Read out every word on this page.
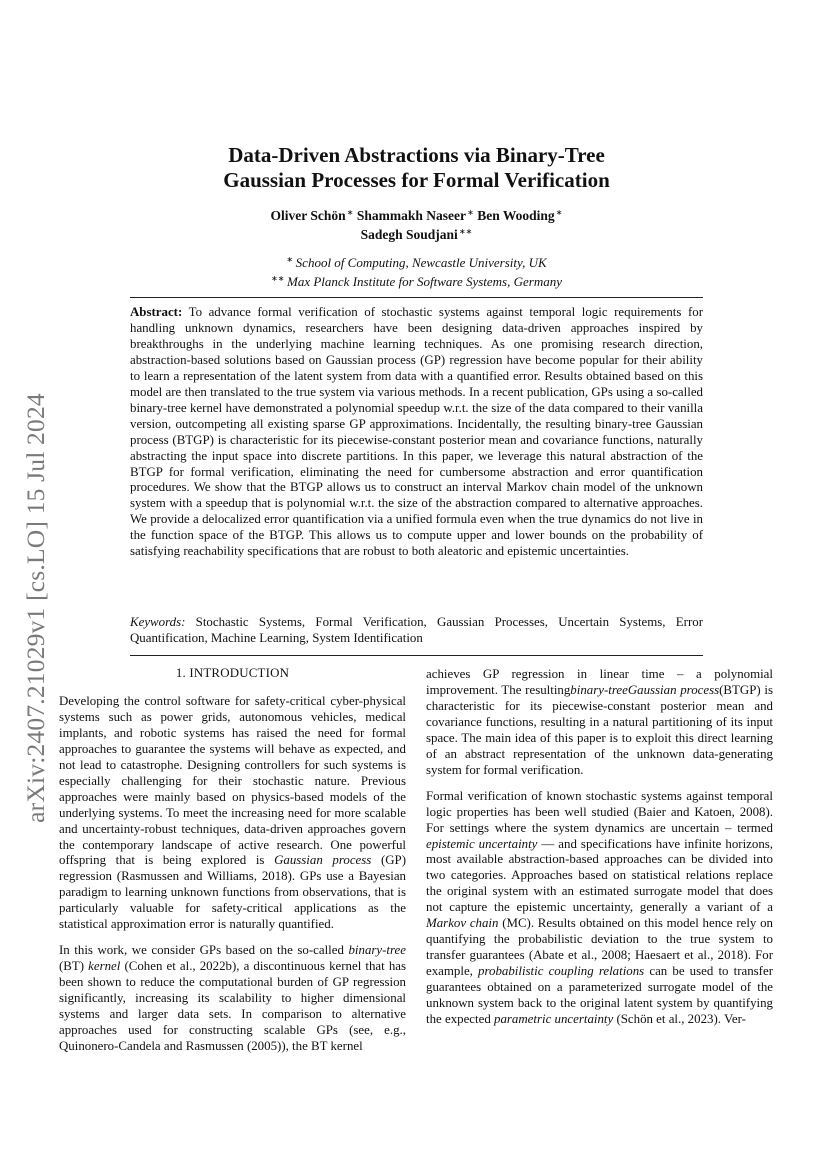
arXiv:2407.21029v1 [cs.LO] 15 Jul 2024
Data-Driven Abstractions via Binary-Tree
Gaussian Processes for Formal Verification
Oliver Schön ∗ Shammakh Naseer ∗ Ben Wooding ∗
Sadegh Soudjani ∗∗
∗  School of Computing, Newcastle University, UK
∗∗  Max Planck Institute for Software Systems, Germany
Abstract: To advance formal verification of stochastic systems against temporal logic requirements for handling unknown dynamics, researchers have been designing data-driven approaches inspired by breakthroughs in the underlying machine learning techniques. As one promising research direction, abstraction-based solutions based on Gaussian process (GP) regression have become popular for their ability to learn a representation of the latent system from data with a quantified error. Results obtained based on this model are then translated to the true system via various methods. In a recent publication, GPs using a so-called binary-tree kernel have demonstrated a polynomial speedup w.r.t. the size of the data compared to their vanilla version, outcompeting all existing sparse GP approximations. Incidentally, the resulting binary-tree Gaussian process (BTGP) is characteristic for its piecewise-constant posterior mean and covariance functions, naturally abstracting the input space into discrete partitions. In this paper, we leverage this natural abstraction of the BTGP for formal verification, eliminating the need for cumbersome abstraction and error quantification procedures. We show that the BTGP allows us to construct an interval Markov chain model of the unknown system with a speedup that is polynomial w.r.t. the size of the abstraction compared to alternative approaches. We provide a delocalized error quantification via a unified formula even when the true dynamics do not live in the function space of the BTGP. This allows us to compute upper and lower bounds on the probability of satisfying reachability specifications that are robust to both aleatoric and epistemic uncertainties.
Keywords: Stochastic Systems, Formal Verification, Gaussian Processes, Uncertain Systems, Error Quantification, Machine Learning, System Identification
1. INTRODUCTION

Developing the control software for safety-critical cyber-physical systems such as power grids, autonomous vehicles, medical implants, and robotic systems has raised the need for formal approaches to guarantee the systems will behave as expected, and not lead to catastrophe. Designing controllers for such systems is especially challenging for their stochastic nature. Previous approaches were mainly based on physics-based models of the underlying systems. To meet the increasing need for more scalable and uncertainty-robust techniques, data-driven approaches govern the contemporary landscape of active research. One powerful offspring that is being explored is Gaussian process (GP) regression (Rasmussen and Williams, 2018). GPs use a Bayesian paradigm to learning unknown functions from observations, that is particularly valuable for safety-critical applications as the statistical approximation error is naturally quantified.

In this work, we consider GPs based on the so-called binary-tree (BT) kernel (Cohen et al., 2022b), a discontinuous kernel that has been shown to reduce the computational burden of GP regression significantly, increasing its scalability to higher dimensional systems and larger data sets. In comparison to alternative approaches used for constructing scalable GPs (see, e.g., Quinonero-Candela and Rasmussen (2005)), the BT kernel

achieves GP regression in linear time – a polynomial improvement. The resultingbinary-treeGaussian process(BTGP) is characteristic for its piecewise-constant posterior mean and covariance functions, resulting in a natural partitioning of its input space. The main idea of this paper is to exploit this direct learning of an abstract representation of the unknown data-generating system for formal verification.

Formal verification of known stochastic systems against temporal logic properties has been well studied (Baier and Katoen, 2008). For settings where the system dynamics are uncertain – termed epistemic uncertainty — and specifications have infinite horizons, most available abstraction-based approaches can be divided into two categories. Approaches based on statistical relations replace the original system with an estimated surrogate model that does not capture the epistemic uncertainty, generally a variant of a Markov chain (MC). Results obtained on this model hence rely on quantifying the probabilistic deviation to the true system to transfer guarantees (Abate et al., 2008; Haesaert et al., 2018). For example, probabilistic coupling relations can be used to transfer guarantees obtained on a parameterized surrogate model of the unknown system back to the original latent system by quantifying the expected parametric uncertainty (Schön et al., 2023). Ver-
